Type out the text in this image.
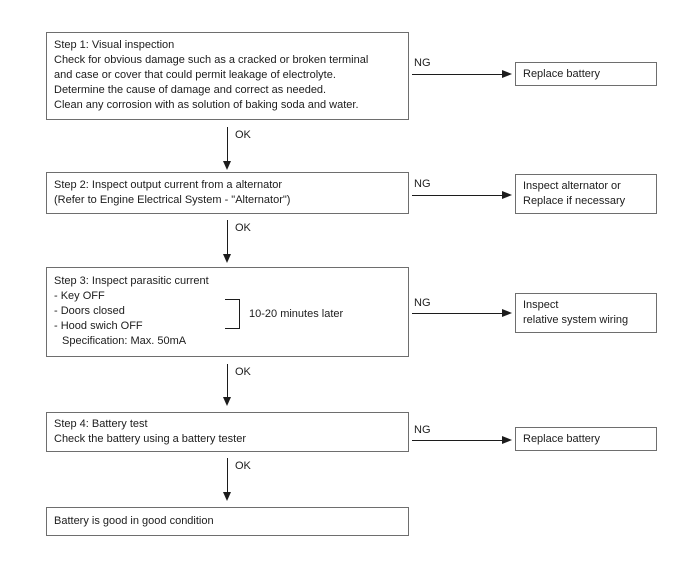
Step 1: Visual inspection
Check for obvious damage such as a cracked or broken terminal
and case or cover that could permit leakage of electrolyte.
Determine the cause of damage and correct as needed.
Clean any corrosion with as solution of baking soda and water.
NG
Replace battery
OK
Step 2: Inspect output current from a alternator
(Refer to Engine Electrical System - "Alternator")
NG	Inspect alternator or
Replace if necessary
OK
Step 3: Inspect parasitic current
- Key OFF
- Doors closed
- Hood swich OFF
Specification: Max. 50mA
10-20 minutes later
NG	Inspect
relative system wiring
OK
Step 4: Battery test
Check the battery using a battery tester
NG
Replace battery
OK
Battery is good in good condition
